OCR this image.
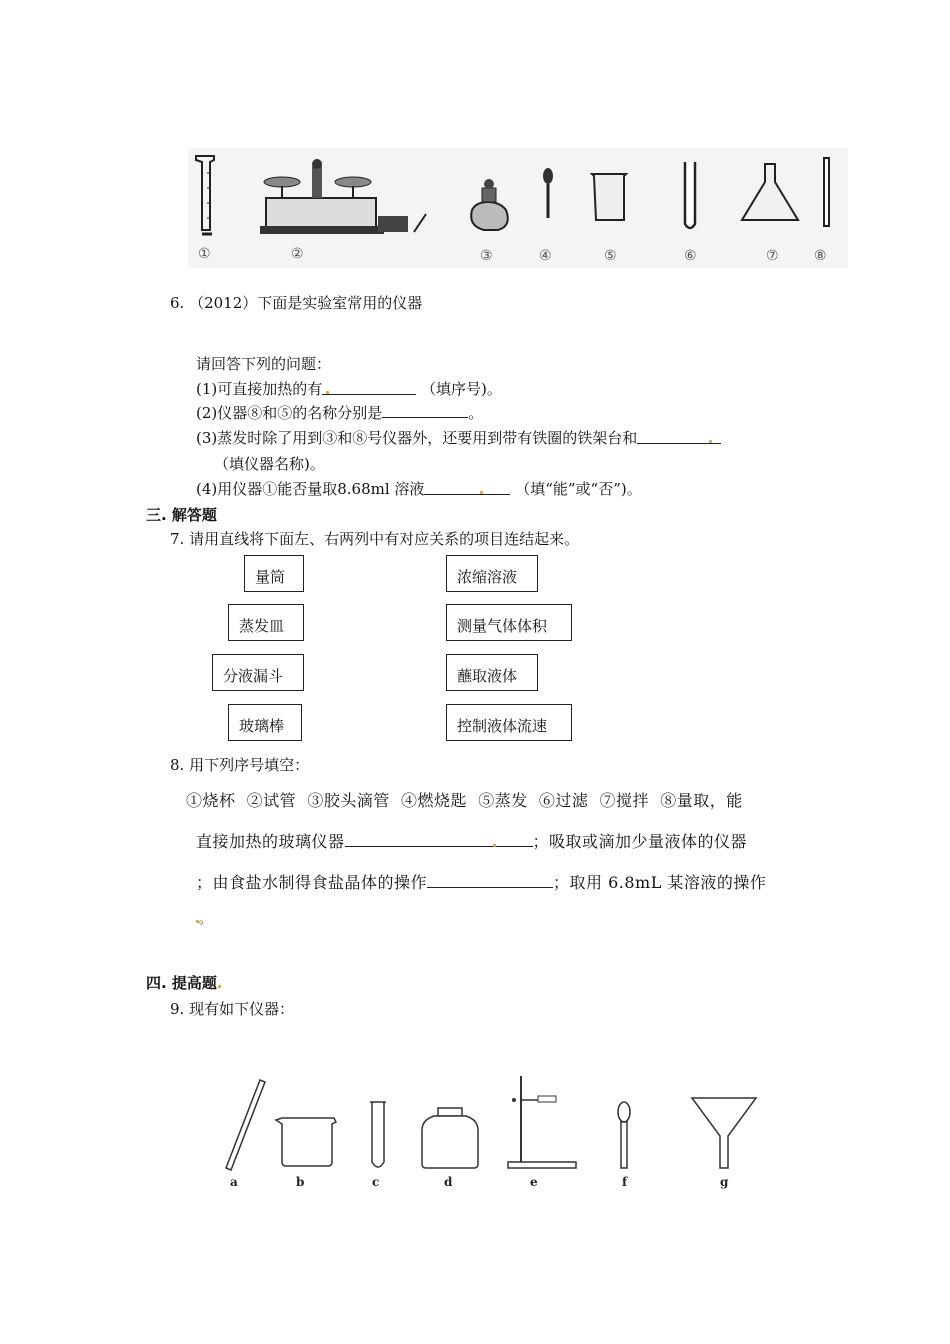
①	②	③	④	⑤	⑥	⑦	⑧
6. （2012）下面是实验室常用的仪器
请回答下列的问题：
(1)可直接加热的有	（填序号)。
(2)仪器⑧和⑤的名称分别是	。
(3)蒸发时除了用到③和⑧号仪器外，还要用到带有铁圈的铁架台和
（填仪器名称)。
(4)用仪器①能否量取8.68ml 溶液	（填“能”或“否”)。
三. 解答题
7. 请用直线将下面左、右两列中有对应关系的项目连结起来。
量筒
蒸发皿
分液漏斗
玻璃棒
浓缩溶液
测量气体体积
蘸取液体
控制液体流速
8. 用下列序号填空：
①烧杯  ②试管  ③胶头滴管  ④燃烧匙  ⑤蒸发  ⑥过滤  ⑦搅拌  ⑧量取，能
直接加热的玻璃仪器	；吸取或滴加少量液体的仪器
；由食盐水制得食盐晶体的操作	；取用 6.8mL 某溶液的操作
。
四. 提高题
9. 现有如下仪器：
a	b	c	d	e	f	g
